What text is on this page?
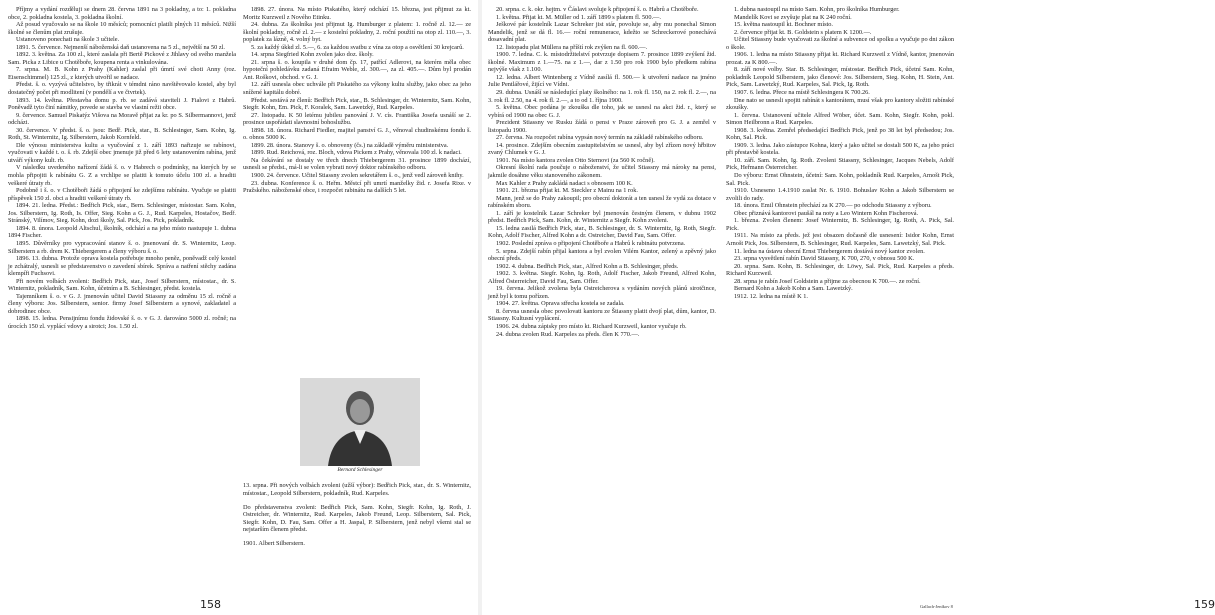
Příjmy a vydání rozděluji se dnem 28. června 1891 na 3 pokladny, a to: 1. pokladna obce, 2. pokladna kostela, 3. pokladna školní.

Až posud vyučovalo se na škole 10 měsíců; pomocníci platili plných 11 měsíců. Nižší školné se členům plat zrušuje.

Ustanoveno ponechati na škole 3 učitele.

1891. 5. července. Nejmenší náboženská daň ustanovena na 5 zl., největší na 50 zl.

1892. 3. května. Za 100 zl., které zaslala při Bertě Pickové z Jihlavy od svého manžela Sam. Picka z Libice u Chotěboře, koupena renta a vinkulována.

7. srpna. M. B. Kohn z Prahy (Kahler) zaslal při úmrtí své choti Anny (roz. Eisenschimmel) 125 zl., z kterých utvořil se nadace.

Předst. š. o. vyzývá učitelstvo, by třikrát v témdni ráno navštěvovalo kostel, aby byl dostatečný počet při modlitení (v pondělí a ve čtvrtek).

1893. 14. května. Přestavba domu p. rb. se zadává staviteli J. Fialovi z Habrů. Poněvadž tyto činí námitky, povede se stavba ve vlastní režii obce.

9. července. Samuel Piskatýz Višova na Moravě přijat za kr. po S. Silbermannovi, jenž odcházi.

30. července. V předst. š. o. jsou: Bedř. Pick, star., B. Schlesinger, Sam. Kohn, Ig. Roth, St. Winternitz, Ig. Silberstern, Jakob Kornfeld.

Dle výnosu ministerstva kultu a vyučování z 1. září 1893 nařizuje se rabínovi, vyučovati v každé t. o. š. rb. Zdejší obec jmenuje již před 6 lety ustanovením rabína, jenž utváří výkony kult. rb.

V následku uvedeného nařízení žádá š. o. v Habrech o podmínky, na kterých by se mohla připojiti k rabínátu G. Z a vrchlipe se platiti k tomuto účelu 100 zl. a hraditi veškeré útraty rb.

Podobně i š. o. v Chotěboři žádá o připojení ke zdejšímu rabínátu. Vyučuje se platiti příspěvek 150 zl. obci a hraditi veškeré útraty rb.

1894. 21. ledna. Předst.: Bedřich Pick, star., Bern. Schlesinger, místostar. Sam. Kohn, Jos. Silberstern, Ig. Roth, Is. Offer, Sieg. Kohn a G. J., Rud. Karpeles, Hostačov, Bedř. Stránský, Vilímov, Sieg. Kohn, dozi školy, Sal. Pick, Jos. Pick, pokladník.

1894. 8. února. Leopold Altschul, školník, odchází a na jeho místo nastupuje 1. dubna 1894 Fischer.

1895. Důvěrníky pro vypracování stanov š. o. jmenovaní dr. S. Winternitz, Leop. Silberstern a rb. drem K. Thiebergerem a členy výboru š. o.

1896. 13. dubna. Protože oprava kostela potřebuje mnoho peněz, poněvadž celý kostel je zchátralý, usnesli se představenstvo o zavedení sbírek. Správa a natření stěchy zadána klempíři Fuchsovi.

Při novém volbách zvoleni: Bedřich Pick, star., Josef Silberstern, místostar., dr. S. Winternitz, pokladník, Sam. Kohn, účetním a B. Schlesinger, předst. kostela.

Tajemníkem š. o. v G. J. jmenován učitel David Stiassny za odměnu 15 zl. ročně a členy výboru: Jos. Silberstern, senior. firmy Josef Silberstern a synové, zakladatel a dobrodinec obce.

1898. 15. ledna. Pensijnímu fondu židovské š. o. v G. J. darováno 5000 zl. ročně; na úrocích 150 zl. vyplácí vdovy a sirotci; Jos. 1.50 zl.

1898. 27. února. Na místo Piskatého, který odchází 15. března, jest přijmut za kt. Moritz Kurzweil z Nového Etinku.

24. dubna. Za školníka jest přijmut Ig. Humburger z platem: 1. ročně zl. 12.— ze školní pokladny, ročně zl. 2.— z kostelní pokladny, 2. roční použití na otop zl. 110.—, 3. poplatek za lázně, 4. volný byt.

5. za každý úkkd zl. 5.—, 6. za každou svatbu z vína za otop a osvětlení 30 krejcarů.

14. srpna Siegfried Kohn zvolen jako doz. školy.

21. srpna š. o. koupila v druhé dom čp. 17, patřící Adlerovi, na kterém měla obec hypoteční pohledávku zadaná Efraim Weble, zl. 300.—, za zl. 405.—. Dům byl prodán Ant. Roškovi, obchod. v G. J.

12. září usnesla obec uchvále při Piskatého za výkony kultu služby, jako obec za jeho snížené kapitálu dobré.

Předst. sestává ze členů: Bedřich Pick, star., B. Schlesinger, dr. Winternitz, Sam. Kohn, Siegfr. Kohn, Em. Pick, F. Koralek, Sam. Lawetzký, Rud. Karpeles.

27. listopadu. K 50 letému jubileu panování J. V. cís. Františka Josefa usnáší se 2. prosince uspořádati slavnostní bohoslužbu.

1898. 18. února. Richard Fiedler, majitel panství G. J., věnoval chudinskému fondu š. o. obnos 5000 K.

1899. 28. února. Stanovy š. o. obnoveny (čs.) na základě výměru ministerstva.

1899. Rud. Reichová, roz. Bloch, vdova Pickem z Prahy, věnovala 100 zl. k nadaci.

Na čekávání se dostaly ve třech dnech Thiebergerem 31. prosince 1899 dochází, usnesli se předst., má-li se volen vybrati nový doktor rabínského odboru.

1900. 24. července. Učitel Stiassny zvolen sekretářem š. o., jenž vedl zároveň knihy.

23. dubna. Konference š. o. Heřm. Městcí při umrtí manželky žid. r. Josefa Rixe. v Pražského. náboženské obce, i rozpočet rabinátu na dalších 5 let.

Bernard Schlesinger

13. srpna. Při nových volbách zvoleni (užší výbor): Bedřich Pick, star., dr. S. Winternitz, místostar., Leopold Silberstern, pokladník, Rud. Karpeles.

Do představenstva zvoleni: Bedřich Pick, Sam. Kohn, Siegfr. Kohn, Ig. Roth, J. Ostreicher, dr. Winternitz, Rud. Karpeles, Jakob Freund, Leop. Silberstern, Sal. Pick, Siegfr. Kohn, D. Fau, Sam. Offer a H. Jaspal, P. Silberstern, jenž nebyl všemi stal se nejstarším členem předst.

1901. Albert Silberstern.

158

20. srpna. c. k. okr. hejtm. v Čáslavi svoluje k připojení š. o. Habrů a Chotěboře.

1. května. Přijat kt. M. Müller od 1. září 1899 s platem fl. 500.—.

Ješkové pár kostelník Lazar Schreker jist stár, povoluje se, aby mu ponechal Simon Mandelik, jenž se dá fl. 16.— roční remunerace, kdežto se Schreckerové ponechává dosavadní plat.

12. listopadu plat Müllera na příští rok zvýšen na fl. 600.—.

1900. 7. ledna. C. k. místodržitelství potvrzuje dopisem 7. prosince 1899 zvýšení žid. školné. Maximum z 1.—75. na z 1.—, dar z 1.50 pro rok 1900 bylo předkem rabína nejvýše však z 1.100.

12. ledna. Albert Wintenberg z Vídně zasílá fl. 500.— k utvoření nadace na jméno Julie Pentlářové, žijící ve Vídni.

29. dubna. Usnáší se následující platy školného: na 1. rok fl. 150, na 2. rok fl. 2.—, na 3. rok fl. 2.50, na 4. rok fl. 2.—, a to od 1. října 1900.

5. května. Obec podána je zkouška dle toho, jak se usnesl na akci žid. r., který se vybírá od 1900 na obec G. J.

Prezident Stiassny ve Rusku žádá o pensi v Praze zároveň pro G. J. a zemřel v listopadu 1900.

27. června. Na rozpočet rabína vypsán nový termín na základě rabínského odboru.

14. prosince. Zdejším obecním zastupitelstvím se usnesl, aby byl zřízen nový hřbitov zvaný Chlumek v G. J.

1901. Na místo kantora zvolen Otto Sternovi (za 560 K ročně).

Okresní školní rada poučuje o náboženství, že učitel Stiassny má nároky na pensi, jakmile dosáhne věku stanoveného zákonem.

Max Kahler z Prahy zakládá nadaci s obnosem 100 K.

1901. 21. března přijat kt. M. Steckler z Mainu na 1 rok.

Mann, jenž se do Prahy zakoupil; pro obecní doktorát a ten usnesl že vydá za dotace v rabínském sboru.

1. září je kostelník Lazar Schreker byl jmenován čestným členem, v dubnu 1902 předst. Bedřich Pick, Sam. Kohn, dr. Winternitz a Siegfr. Kohn zvoleni.

15. ledna zasilá Bedřich Pick, star., B. Schlesinger, dr. S. Winternitz, Ig. Roth, Siegfr. Kohn, Adolf Fischer, Alfred Kohn a dr. Ostreicher, David Fau, Sam. Offer.

1902. Poslední zpráva o připojení Chotěboře a Habrů k rabinátu potvrzena.

5. srpna. Zdejší rabín přijal kantora a byl zvolen Vilém Kantor, zelený a zpěvný jako obecní předs.

1902. 4. dubna. Bedřich Pick, star., Alfred Kohn a B. Schlesinger, předs.

1902. 3. května. Siegfr. Kohn, Ig. Roth, Adolf Fischer, Jakob Freund, Alfred Kohn, Alfred Österreicher, David Fau, Sam. Offer.

19. června. Jelikož zvolena byla Ostreicherova s vydáním nových plánů sirotčince, jenž byl k tomu pořízen.

1904. 27. května. Oprava střecha kostela se zadala.

8. června usnesla obec povolovati kantoru ze Štiassny platit dvojí plat, dům, kantor, D. Stiassny. Kultusní vyplácení.

1906. 24. dubna zápisky pro místo kt. Richard Kurzweil, kantor vyučuje rb.

24. dubna zvolen Rud. Karpeles za předs. člen K 770.—.

1. dubna nastoupil na místo Sam. Kohn, pro školníka Humburger.

Mandelík Kovi se zvyšuje plat na K 240 roční.

15. května nastoupil kt. Bochner místo.

2. července přijat kt. B. Goldstein s platem K 1200.—.

Učitel Stiassny bude vyučovati za školné a subvence od spolku a vyučuje po dni zákon o škole.

1906. 1. ledna na místo Stiassny přijat kt. Richard Kurzweil z Vídně, kantor, jmenován prozat. za K 800.—.

8. září nové volby. Star. B. Schlesinger, místostar. Bedřich Pick, účetní Sam. Kohn, pokladník Leopold Silberstern, jako členové: Jos. Silberstern, Sieg. Kohn, H. Stein, Ant. Pick, Sam. Lawetzký, Rud. Karpeles, Sal. Pick, Ig. Roth.

1907. 6. ledna. Přece na místě Schlesingera K 700.26.

Dne nato se usnesli spojiti rabínát s kantorátem, musí však pro kantory složiti rabínské zkoušky.

1. června. Ustanovení učitele Alfred Wöber, účet. Sam. Kohn, Siegfr. Kohn, pokl. Simon Heilbronn a Rud. Karpeles.

1908. 3. května. Zemřel předsedající Bedřich Pick, jenž po 38 let byl předsedou; Jos. Kohn, Sal. Pick.

1909. 3. ledna. Jako zástupce Kohna, který a jako učitel se dostali 500 K, za jeho práci při přestavbě kostela.

10. září. Sam. Kohn, Ig. Roth. Zvoleni Stiassny, Schlesinger, Jacques Nebels, Adolf Pick, Heřmann Österreicher.

Do výboru: Ernst Ohnstein, účetní: Sam. Kohn, pokladník Rud. Karpeles, Arnošt Pick, Sal. Pick.

1910. Usneseno 1.4.1910 zaslat Nr. 6. 1910. Bohuslav Kohn a Jakob Silberstern se zvolili do rady.

18. února. Emil Ohnstein přechází za K 270.— po odchodu Stiassny z výboru.

Obec přiznává kantorovi paušál na noty a Leo Wintern Kohn Fischerová.

1. března. Zvolen členem: Josef Winternitz, B. Schlesinger, Ig. Roth, A. Pick, Sal. Pick.

1911. Na místo za předs. jež jest obsazen dočasně dle usnesení: Isidor Kohn, Ernst Arnošt Pick, Jos. Silberstern, B. Schlesinger, Rud. Karpeles, Sam. Lawetzký, Sal. Pick.

11. ledna na ústavu obecní Ernst Thiebergerem dostává nový kantor zvolen.

23. srpna vysvětlení rabín David Stiassny, K 700, 270, v obnosu 500 K.

20. srpna. Sam. Kohn, B. Schlesinger, dr. Löwy, Sal. Pick, Rud. Karpeles a předs. Richard Kurzweil.

28. srpna je rabín Josef Goldstein a přijme za obecnou K 700.—. ze roční.

Bernard Kohn a Jakob Kohn a Sam. Lawetzký.

1912. 12. ledna na místě K 1.

159
Gallach-Jeníkov 8
